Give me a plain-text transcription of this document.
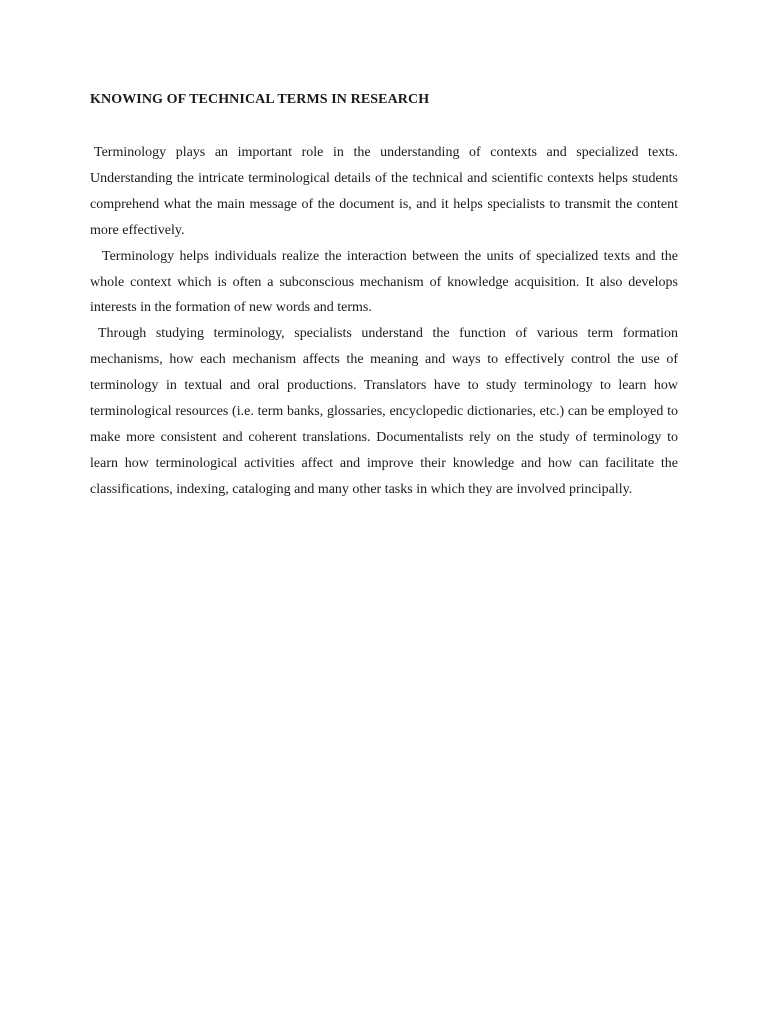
KNOWING OF TECHNICAL TERMS IN RESEARCH

Terminology plays an important role in the understanding of contexts and specialized texts. Understanding the intricate terminological details of the technical and scientific contexts helps students comprehend what the main message of the document is, and it helps specialists to transmit the content more effectively.

Terminology helps individuals realize the interaction between the units of specialized texts and the whole context which is often a subconscious mechanism of knowledge acquisition. It also develops interests in the formation of new words and terms.

Through studying terminology, specialists understand the function of various term formation mechanisms, how each mechanism affects the meaning and ways to effectively control the use of terminology in textual and oral productions. Translators have to study terminology to learn how terminological resources (i.e. term banks, glossaries, encyclopedic dictionaries, etc.) can be employed to make more consistent and coherent translations. Documentalists rely on the study of terminology to learn how terminological activities affect and improve their knowledge and how can facilitate the classifications, indexing, cataloging and many other tasks in which they are involved principally.
